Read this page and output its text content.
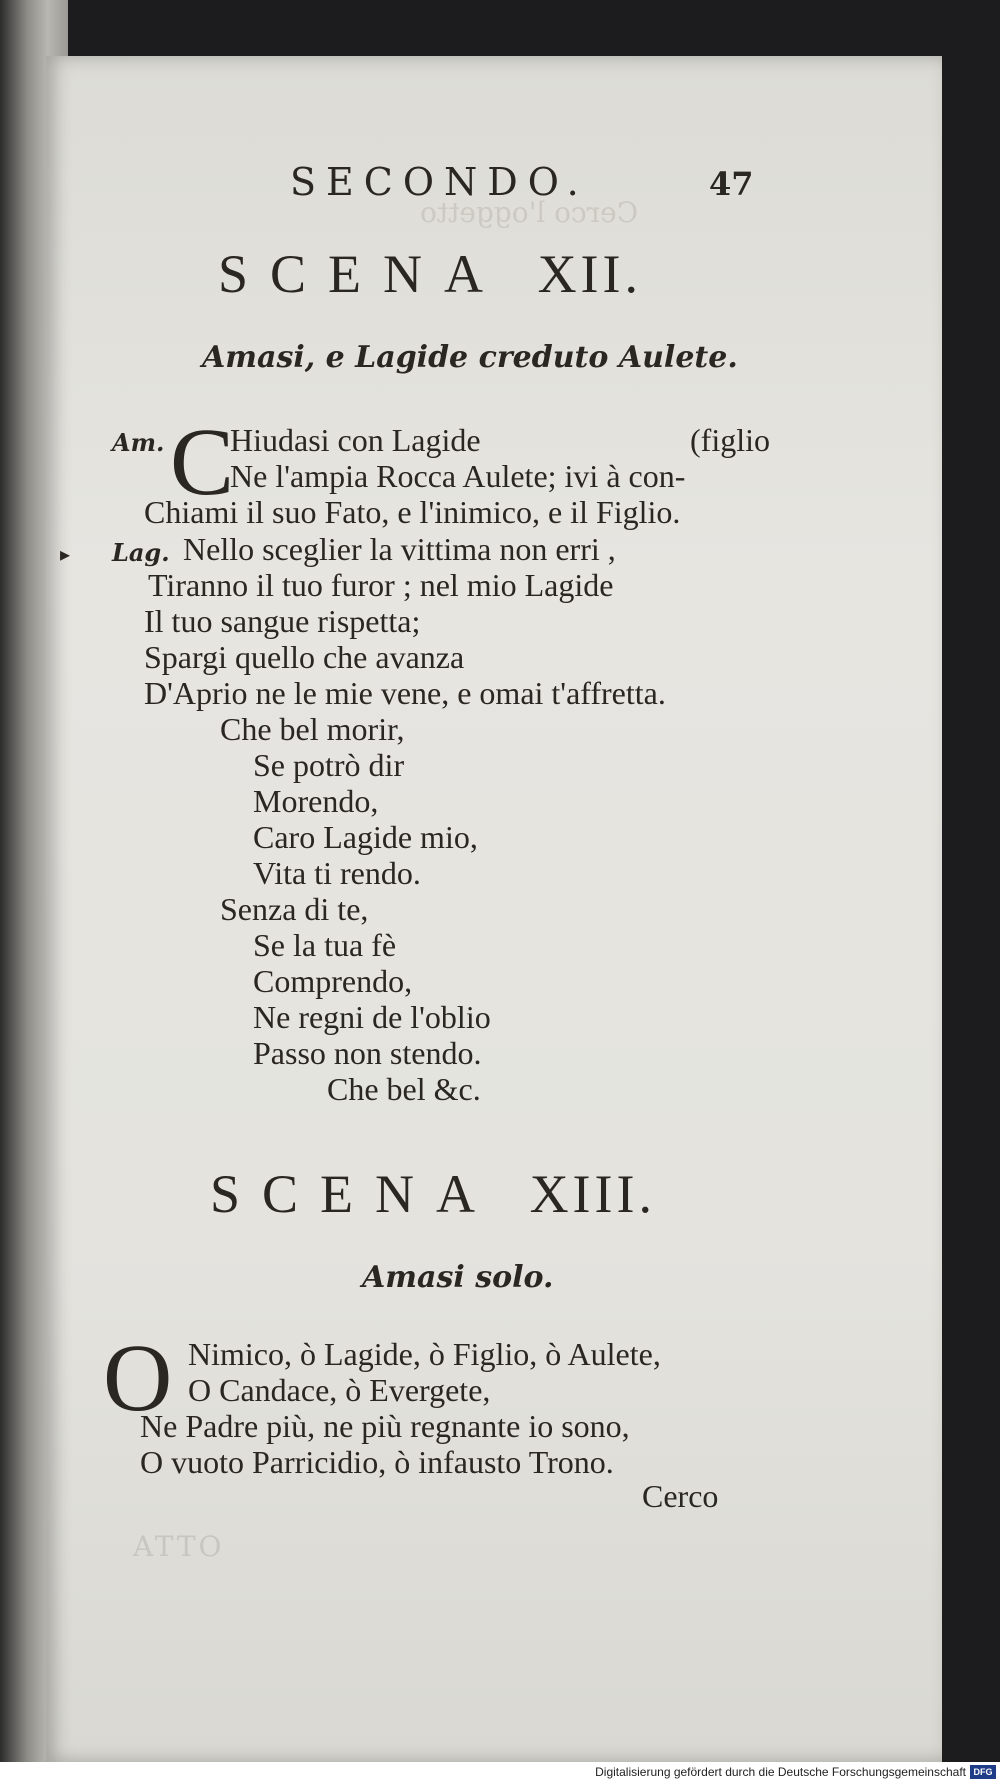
Cerco l'oggetto
SECONDO.	47
SCENA XII.
Amasi, e Lagide creduto Aulete.
Am. C
Hiudasi con Lagide	(figlio
Ne l'ampia Rocca Aulete; ivi à con-
Chiami il suo Fato, e l'inimico, e il Figlio.
▸ Lag. Nello sceglier la vittima non erri ,
Tiranno il tuo furor ; nel mio Lagide
Il tuo sangue rispetta;
Spargi quello che avanza
D'Aprio ne le mie vene, e omai t'affretta.
Che bel morir,
Se potrò dir
Morendo,
Caro Lagide mio,
Vita ti rendo.
Senza di te,
Se la tua fè
Comprendo,
Ne regni de l'oblio
Passo non stendo.
Che bel &c.
SCENA XIII.
Amasi solo.
O Nimico, ò Lagide, ò Figlio, ò Aulete,
O Candace, ò Evergete,
Ne Padre più, ne più regnante io sono,
O vuoto Parricidio, ò infausto Trono.
Cerco
ATTO
Digitalisierung gefördert durch die Deutsche Forschungsgemeinschaft DFG
